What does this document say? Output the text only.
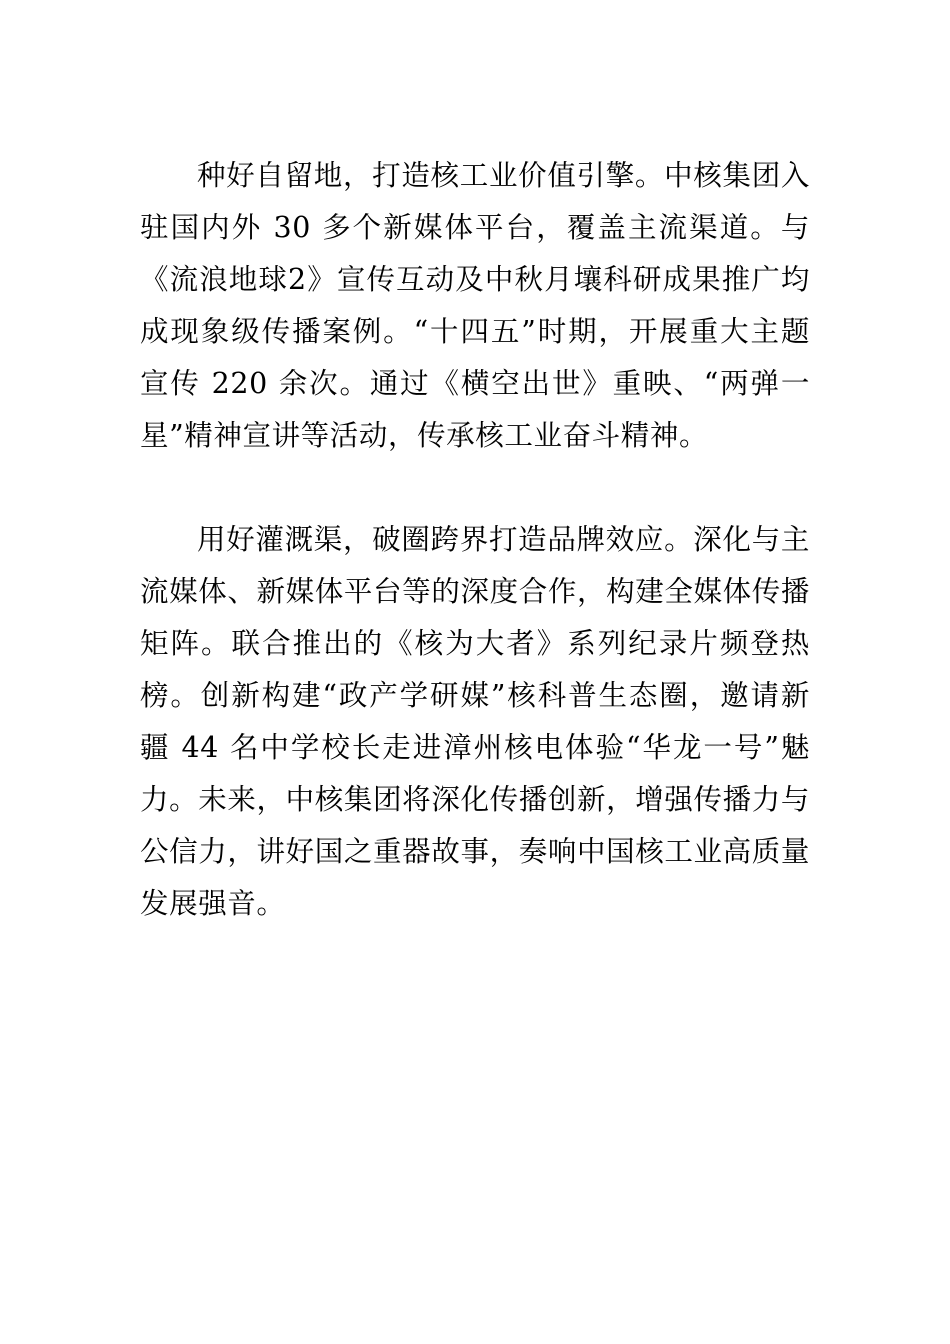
种好自留地，打造核工业价值引擎。中核集团入驻国内外 30 多个新媒体平台，覆盖主流渠道。与《流浪地球2》宣传互动及中秋月壤科研成果推广均成现象级传播案例。“十四五”时期，开展重大主题宣传 220 余次。通过《横空出世》重映、“两弹一星”精神宣讲等活动，传承核工业奋斗精神。

用好灌溉渠，破圈跨界打造品牌效应。深化与主流媒体、新媒体平台等的深度合作，构建全媒体传播矩阵。联合推出的《核为大者》系列纪录片频登热榜。创新构建“政产学研媒”核科普生态圈，邀请新疆 44 名中学校长走进漳州核电体验“华龙一号”魅力。未来，中核集团将深化传播创新，增强传播力与公信力，讲好国之重器故事，奏响中国核工业高质量发展强音。
